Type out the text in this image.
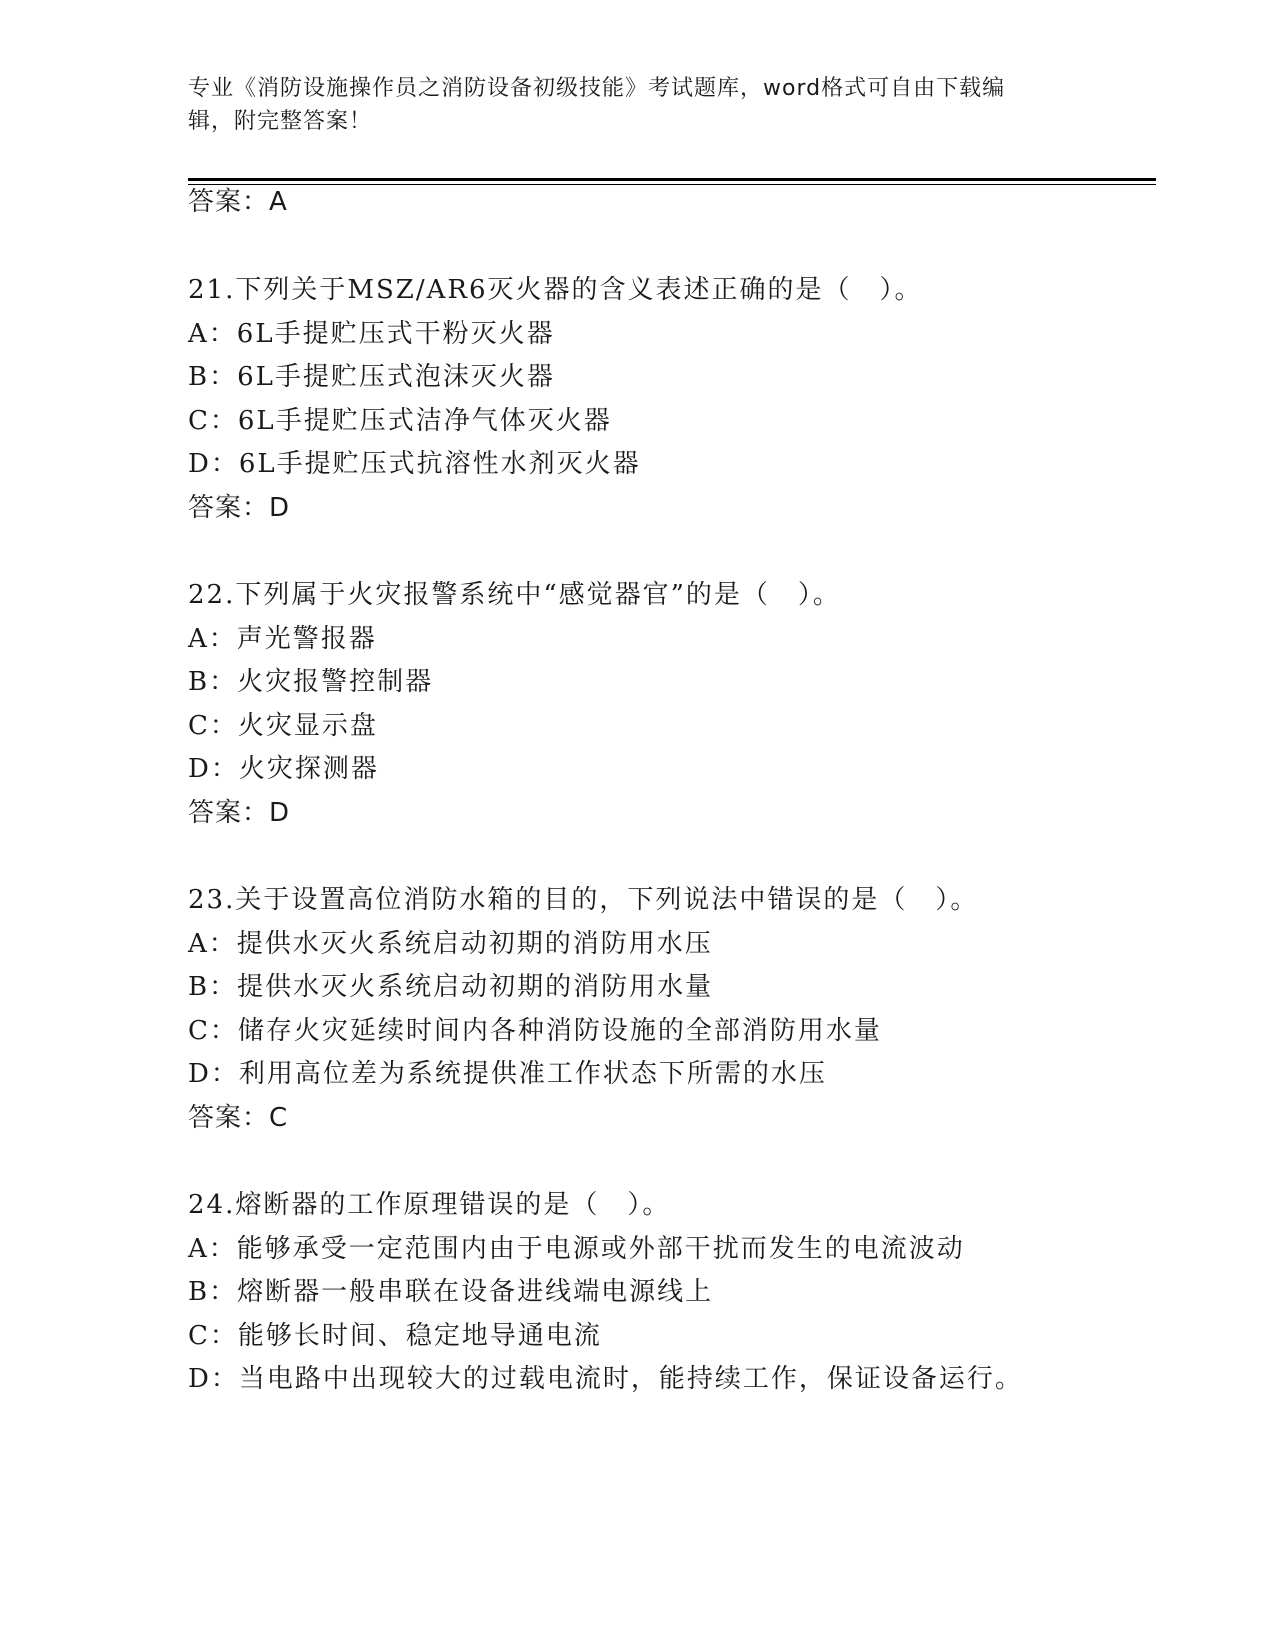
专业《消防设施操作员之消防设备初级技能》考试题库，word格式可自由下载编
辑，附完整答案！
答案：A
21.下列关于MSZ/AR6灭火器的含义表述正确的是（　）。
A：6L手提贮压式干粉灭火器
B：6L手提贮压式泡沫灭火器
C：6L手提贮压式洁净气体灭火器
D：6L手提贮压式抗溶性水剂灭火器
答案：D
22.下列属于火灾报警系统中“感觉器官”的是（　）。
A：声光警报器
B：火灾报警控制器
C：火灾显示盘
D：火灾探测器
答案：D
23.关于设置高位消防水箱的目的，下列说法中错误的是（　）。
A：提供水灭火系统启动初期的消防用水压
B：提供水灭火系统启动初期的消防用水量
C：储存火灾延续时间内各种消防设施的全部消防用水量
D：利用高位差为系统提供准工作状态下所需的水压
答案：C
24.熔断器的工作原理错误的是（　）。
A：能够承受一定范围内由于电源或外部干扰而发生的电流波动
B：熔断器一般串联在设备进线端电源线上
C：能够长时间、稳定地导通电流
D：当电路中出现较大的过载电流时，能持续工作，保证设备运行。
